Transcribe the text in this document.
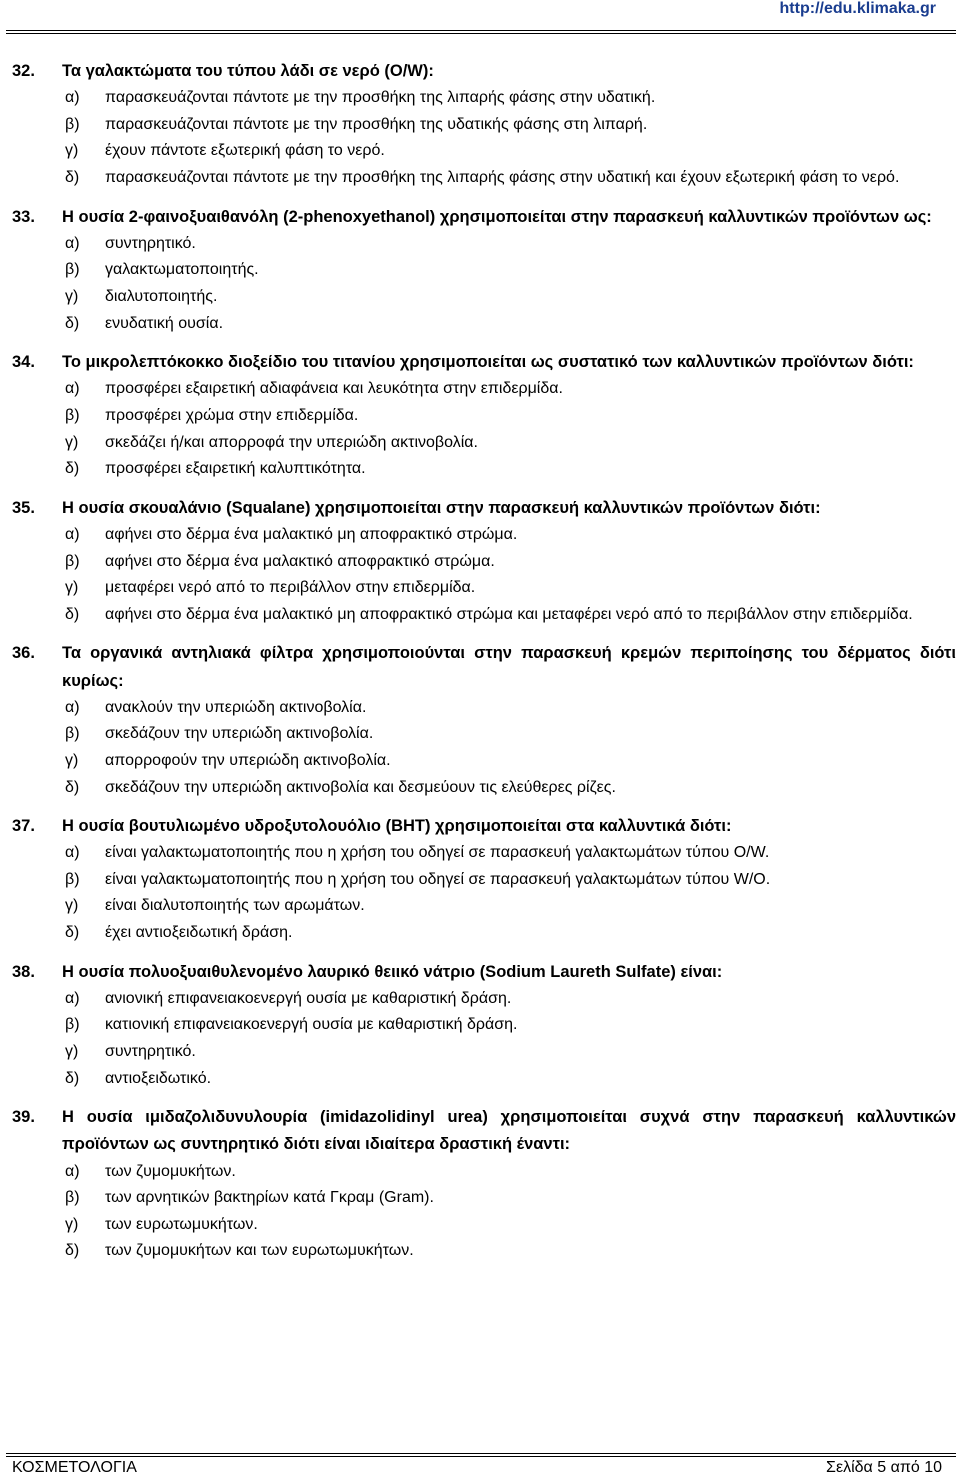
http://edu.klimaka.gr
32.	Τα γαλακτώματα του τύπου λάδι σε νερό (O/W):
α)	παρασκευάζονται πάντοτε με την προσθήκη της λιπαρής φάσης στην υδατική.
β)	παρασκευάζονται πάντοτε με την προσθήκη της υδατικής φάσης στη λιπαρή.
γ)	έχουν πάντοτε εξωτερική φάση το νερό.
δ)	παρασκευάζονται πάντοτε με την προσθήκη της λιπαρής φάσης στην υδατική και έχουν εξωτερική φάση το νερό.
33.	Η ουσία 2-φαινοξυαιθανόλη (2-phenoxyethanol) χρησιμοποιείται στην παρασκευή καλλυντικών προϊόντων ως:
α)	συντηρητικό.
β)	γαλακτωματοποιητής.
γ)	διαλυτοποιητής.
δ)	ενυδατική ουσία.
34.	Το μικρολεπτόκοκκο διοξείδιο του τιτανίου χρησιμοποιείται ως συστατικό των καλλυντικών προϊόντων διότι:
α)	προσφέρει εξαιρετική αδιαφάνεια και λευκότητα στην επιδερμίδα.
β)	προσφέρει χρώμα στην επιδερμίδα.
γ)	σκεδάζει ή/και απορροφά την υπεριώδη ακτινοβολία.
δ)	προσφέρει εξαιρετική καλυπτικότητα.
35.	Η ουσία σκουαλάνιο (Squalane) χρησιμοποιείται στην παρασκευή καλλυντικών προϊόντων διότι:
α)	αφήνει στο δέρμα ένα μαλακτικό μη αποφρακτικό στρώμα.
β)	αφήνει στο δέρμα ένα μαλακτικό αποφρακτικό στρώμα.
γ)	μεταφέρει νερό από το περιβάλλον στην επιδερμίδα.
δ)	αφήνει στο δέρμα ένα μαλακτικό μη αποφρακτικό στρώμα και μεταφέρει νερό από το περιβάλλον στην επιδερμίδα.
36.	Τα οργανικά αντηλιακά φίλτρα χρησιμοποιούνται στην παρασκευή κρεμών περιποίησης του δέρματος διότι κυρίως:
α)	ανακλούν την υπεριώδη ακτινοβολία.
β)	σκεδάζουν την υπεριώδη ακτινοβολία.
γ)	απορροφούν την υπεριώδη ακτινοβολία.
δ)	σκεδάζουν την υπεριώδη ακτινοβολία και δεσμεύουν τις ελεύθερες ρίζες.
37.	Η ουσία βουτυλιωμένο υδροξυτολουόλιο (BHT) χρησιμοποιείται στα καλλυντικά διότι:
α)	είναι γαλακτωματοποιητής που η χρήση του οδηγεί σε παρασκευή γαλακτωμάτων τύπου O/W.
β)	είναι γαλακτωματοποιητής που η χρήση του οδηγεί σε παρασκευή γαλακτωμάτων τύπου W/O.
γ)	είναι διαλυτοποιητής των αρωμάτων.
δ)	έχει αντιοξειδωτική δράση.
38.	Η ουσία πολυοξυαιθυλενομένο λαυρικό θειικό νάτριο (Sodium Laureth Sulfate) είναι:
α)	ανιονική επιφανειακοενεργή ουσία με καθαριστική δράση.
β)	κατιονική επιφανειακοενεργή ουσία με καθαριστική δράση.
γ)	συντηρητικό.
δ)	αντιοξειδωτικό.
39.	Η ουσία ιμιδαζολιδυνυλουρία (imidazolidinyl urea) χρησιμοποιείται συχνά στην παρασκευή καλλυντικών προϊόντων ως συντηρητικό διότι είναι ιδιαίτερα δραστική έναντι:
α)	των ζυμομυκήτων.
β)	των αρνητικών βακτηρίων κατά Γκραμ (Gram).
γ)	των ευρωτωμυκήτων.
δ)	των ζυμομυκήτων και των ευρωτωμυκήτων.
ΚΟΣΜΕΤΟΛΟΓΙΑ	Σελίδα 5 από 10
